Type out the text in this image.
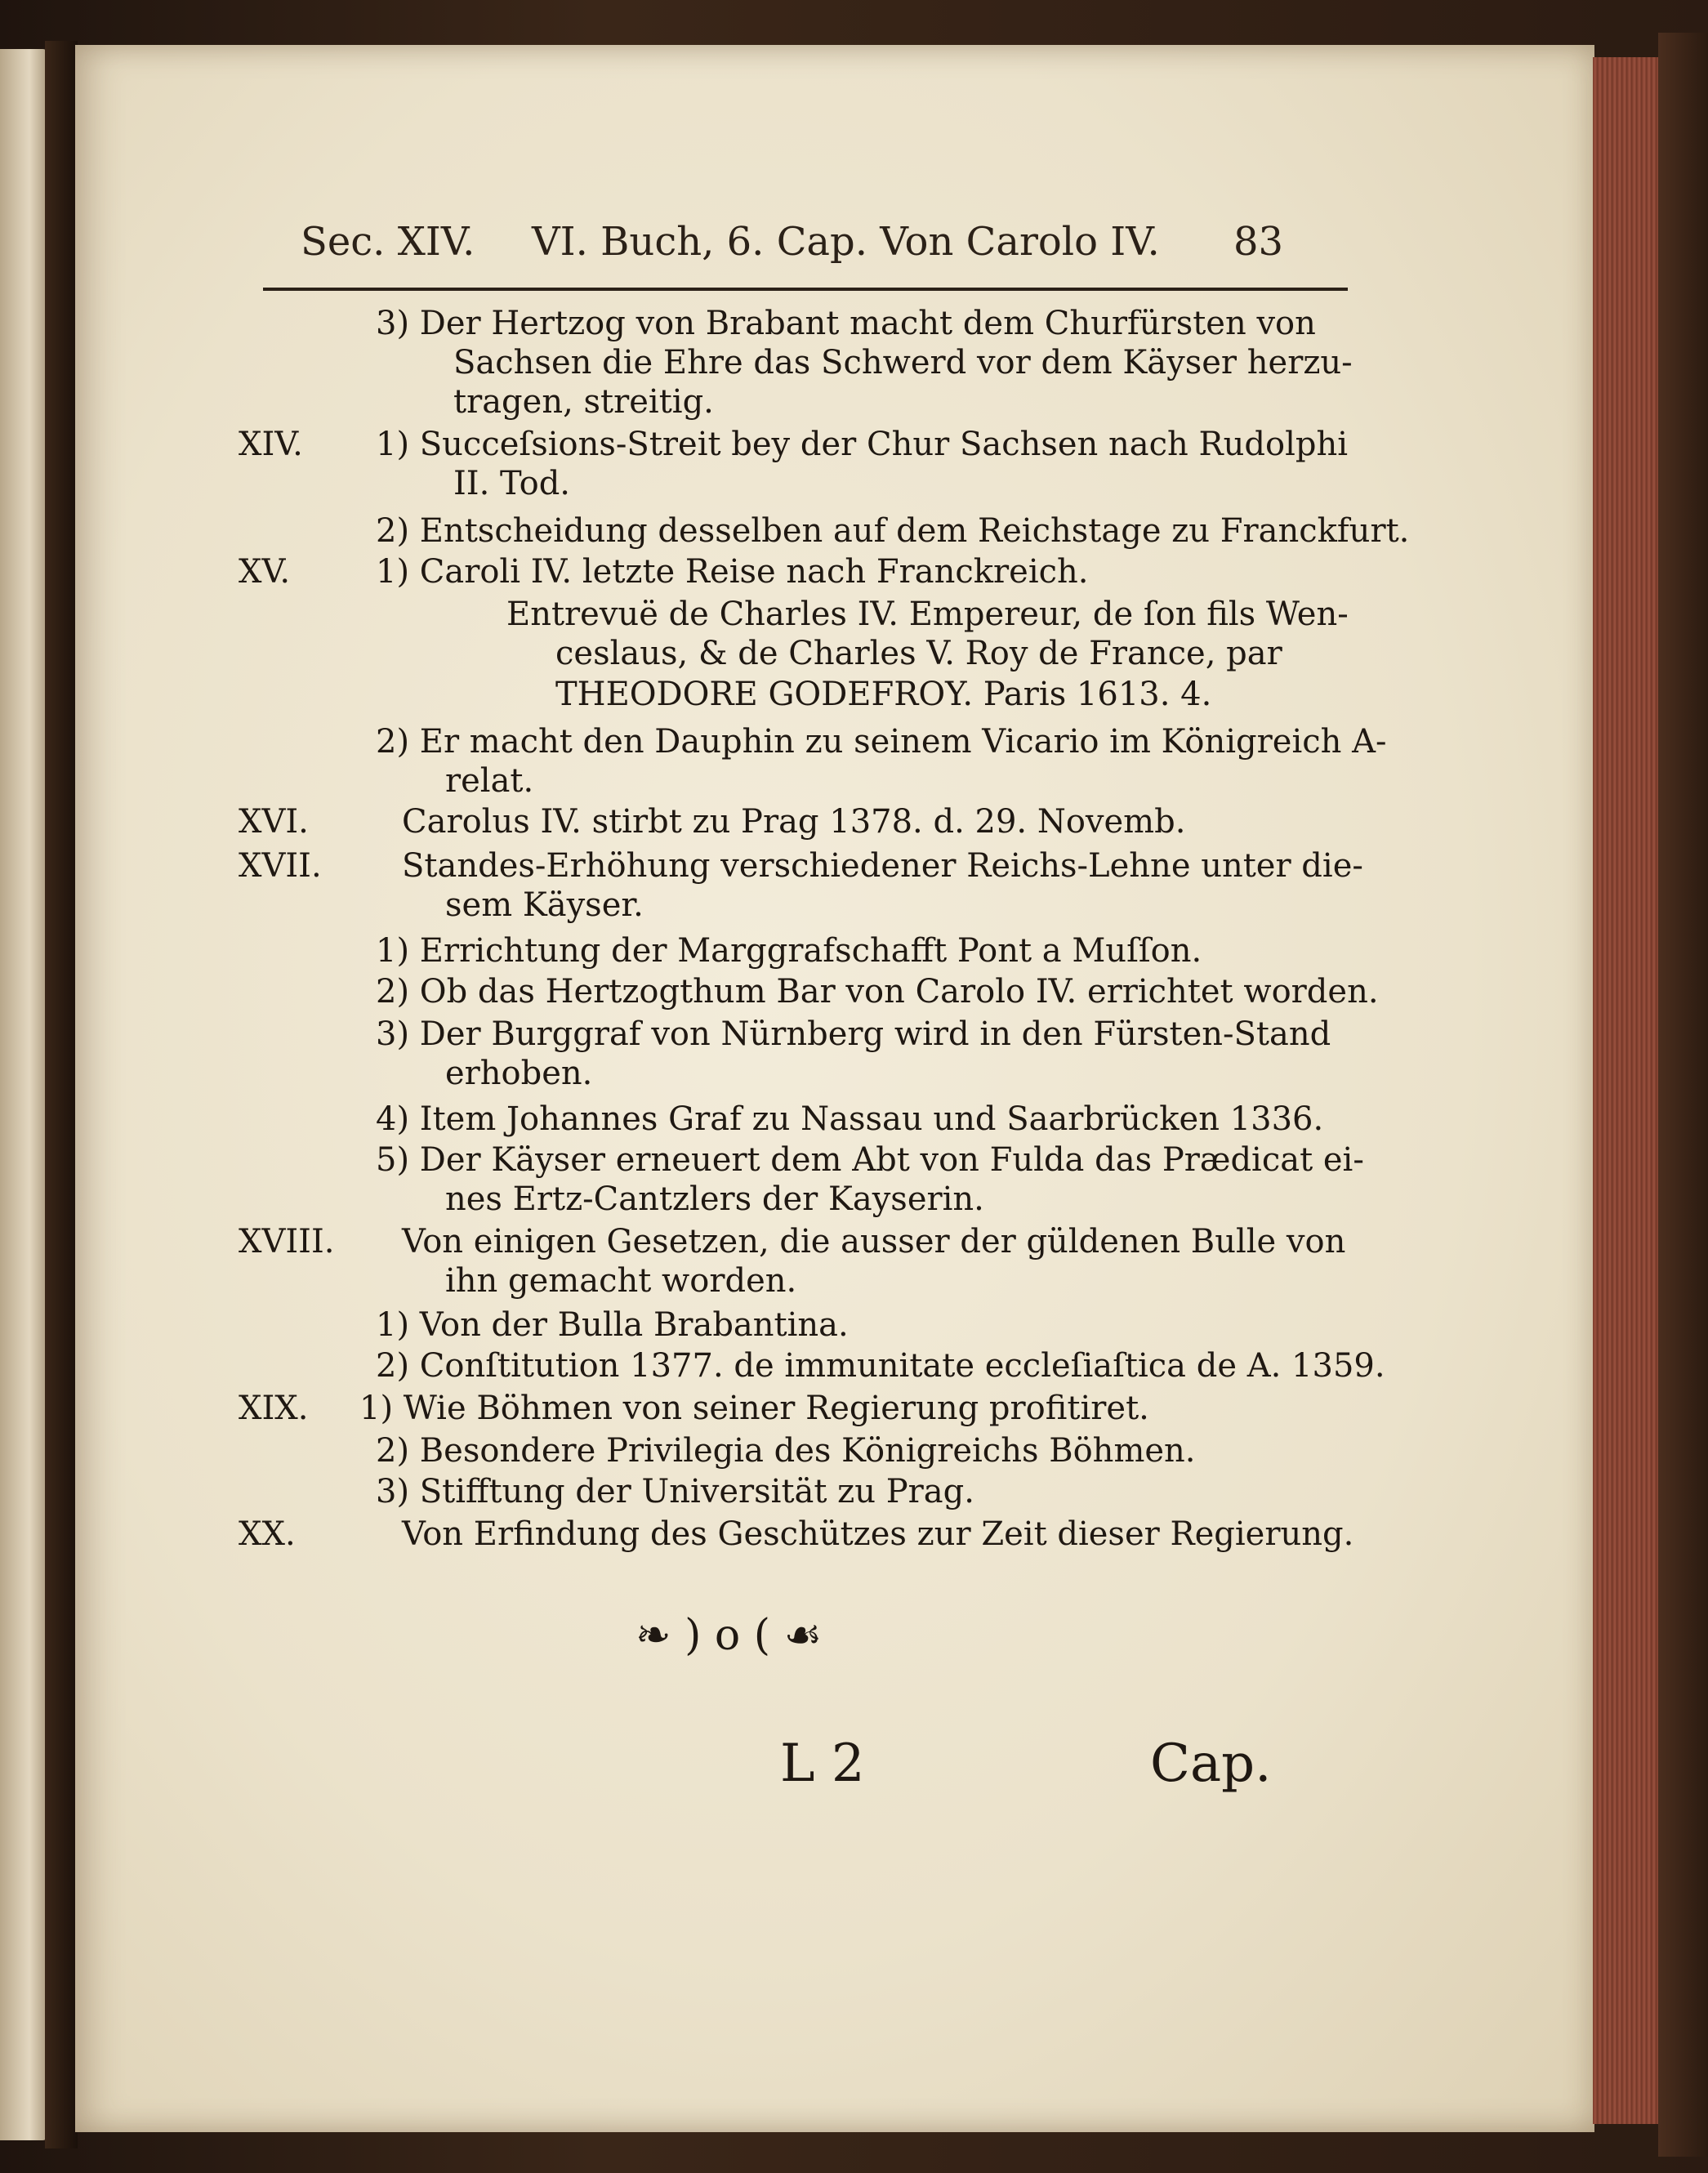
Sec. XIV. VI. Buch, 6. Cap. Von Carolo IV. 83
3) Der Hertzog von Brabant macht dem Churfürsten von
Sachsen die Ehre das Schwerd vor dem Käyser herzu-
tragen, streitig.
XIV. 1) Succeſsions-Streit bey der Chur Sachsen nach Rudolphi
II. Tod.
2) Entscheidung desselben auf dem Reichstage zu Franckfurt.
XV.	1) Caroli IV. letzte Reise nach Franckreich.
Entrevuë de Charles IV. Empereur, de ſon fils Wen-
ceslaus, & de Charles V. Roy de France, par
THEODORE GODEFROY. Paris 1613. 4.
2) Er macht den Dauphin zu seinem Vicario im Königreich A-
relat.
XVI.	Carolus IV. stirbt zu Prag 1378. d. 29. Novemb.
XVII. Standes-Erhöhung verschiedener Reichs-Lehne unter die-
sem Käyser.
1) Errichtung der Marggrafschafft Pont a Muſſon.
2) Ob das Hertzogthum Bar von Carolo IV. errichtet worden.
3) Der Burggraf von Nürnberg wird in den Fürsten-Stand
erhoben.
4) Item Johannes Graf zu Nassau und Saarbrücken 1336.
5) Der Käyser erneuert dem Abt von Fulda das Prædicat ei-
nes Ertz-Cantzlers der Kayserin.
XVIII. Von einigen Gesetzen, die ausser der güldenen Bulle von
ihn gemacht worden.
1) Von der Bulla Brabantina.
2) Conſtitution 1377. de immunitate eccleſiaſtica de A. 1359.
XIX. 1) Wie Böhmen von seiner Regierung profitiret.
2) Besondere Privilegia des Königreichs Böhmen.
3) Stifftung der Universität zu Prag.
XX.	Von Erfindung des Geschützes zur Zeit dieser Regierung.
❧ ) o ( ☙
L 2	Cap.
